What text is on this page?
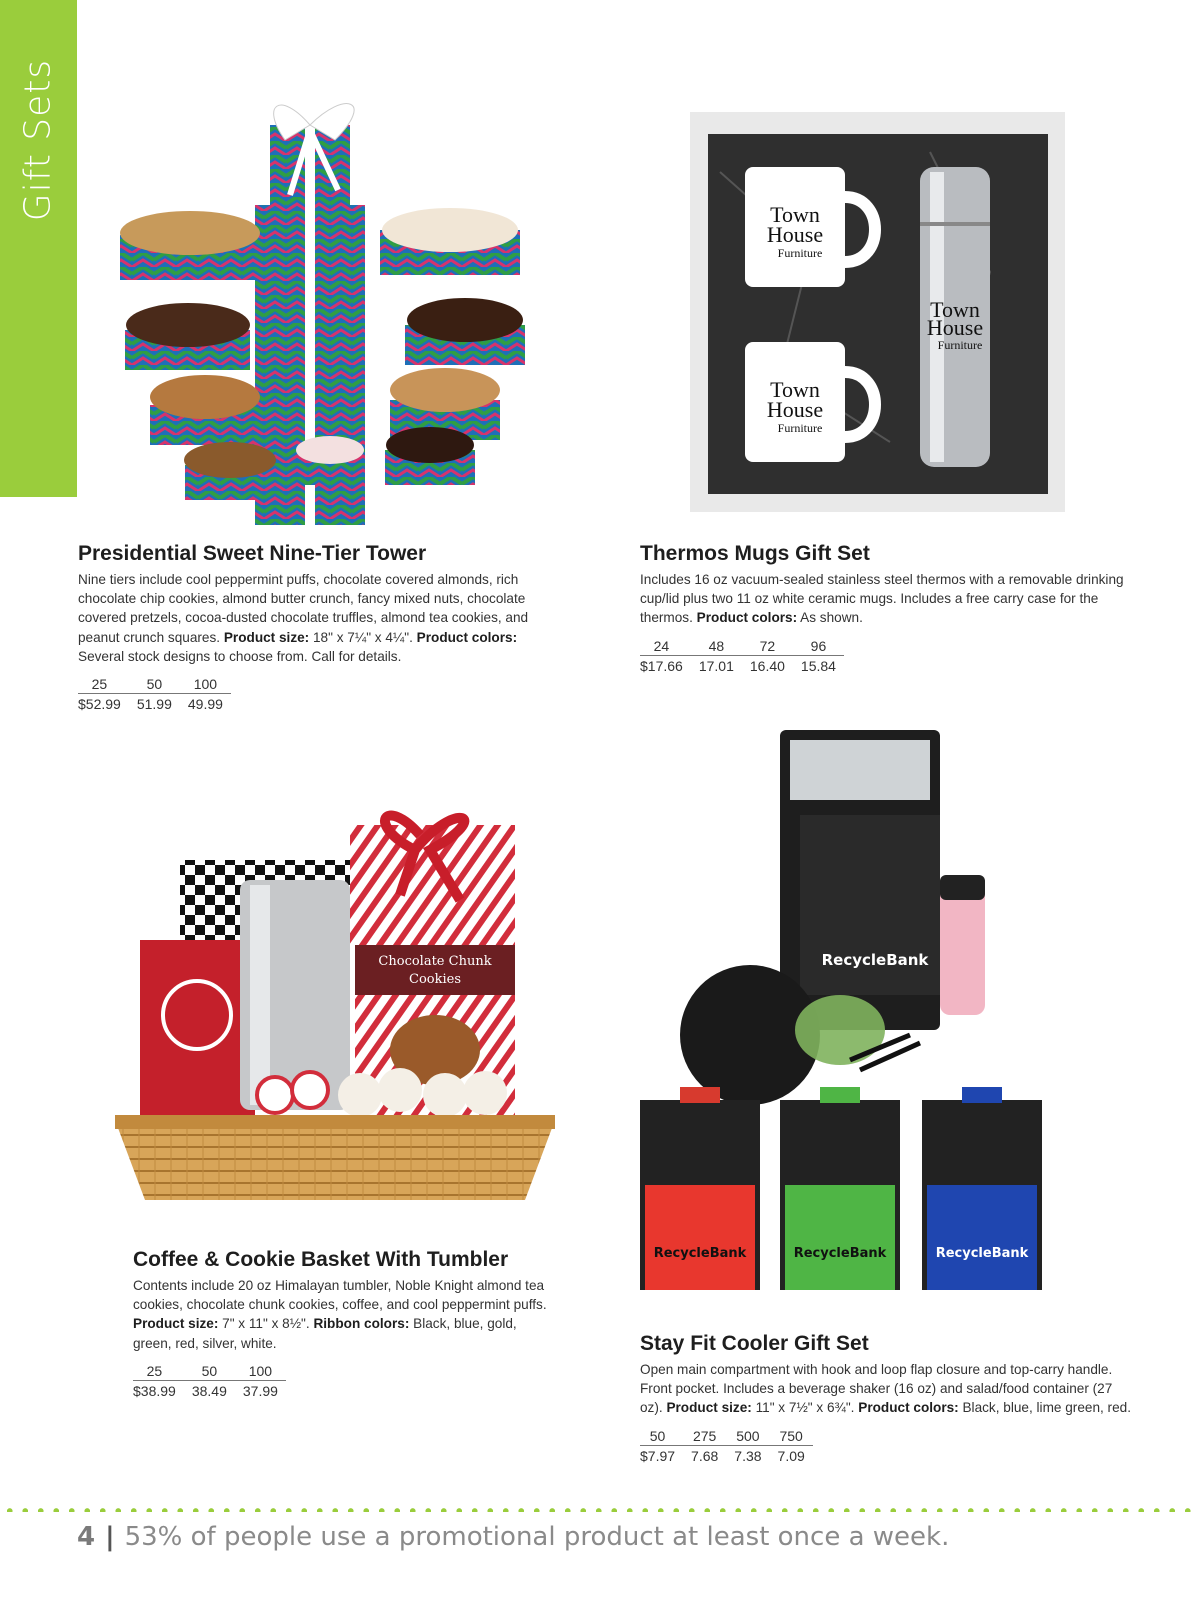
Gift Sets	Town
House
Furniture
Town
House
Furniture
Town
House
Furniture
Chocolate Chunk
Cookies
RecycleBank
RecycleBank	RecycleBank	RecycleBank
Presidential Sweet Nine-Tier Tower

Nine tiers include cool peppermint puffs, chocolate covered almonds, rich chocolate chip cookies, almond butter crunch, fancy mixed nuts, chocolate covered pretzels, cocoa-dusted chocolate truffles, almond tea cookies, and peanut crunch squares. Product size: 18" x 7¼" x 4¼". Product colors: Several stock designs to choose from. Call for details.

25	50	100
$52.99	51.99	49.99
Thermos Mugs Gift Set

Includes 16 oz vacuum-sealed stainless steel thermos with a removable drinking cup/lid plus two 11 oz white ceramic mugs. Includes a free carry case for the thermos. Product colors: As shown.

24	48	72	96
$17.66	17.01	16.40	15.84
Coffee & Cookie Basket With Tumbler

Contents include 20 oz Himalayan tumbler, Noble Knight almond tea cookies, chocolate chunk cookies, coffee, and cool peppermint puffs. Product size: 7" x 11" x 8½". Ribbon colors: Black, blue, gold, green, red, silver, white.

25	50	100
$38.99	38.49	37.99
Stay Fit Cooler Gift Set

Open main compartment with hook and loop flap closure and top-carry handle. Front pocket. Includes a beverage shaker (16 oz) and salad/food container (27 oz). Product size: 11" x 7½" x 6¾". Product colors: Black, blue, lime green, red.

50	275	500	750
$7.97	7.68	7.38	7.09
4 | 53% of people use a promotional product at least once a week.
